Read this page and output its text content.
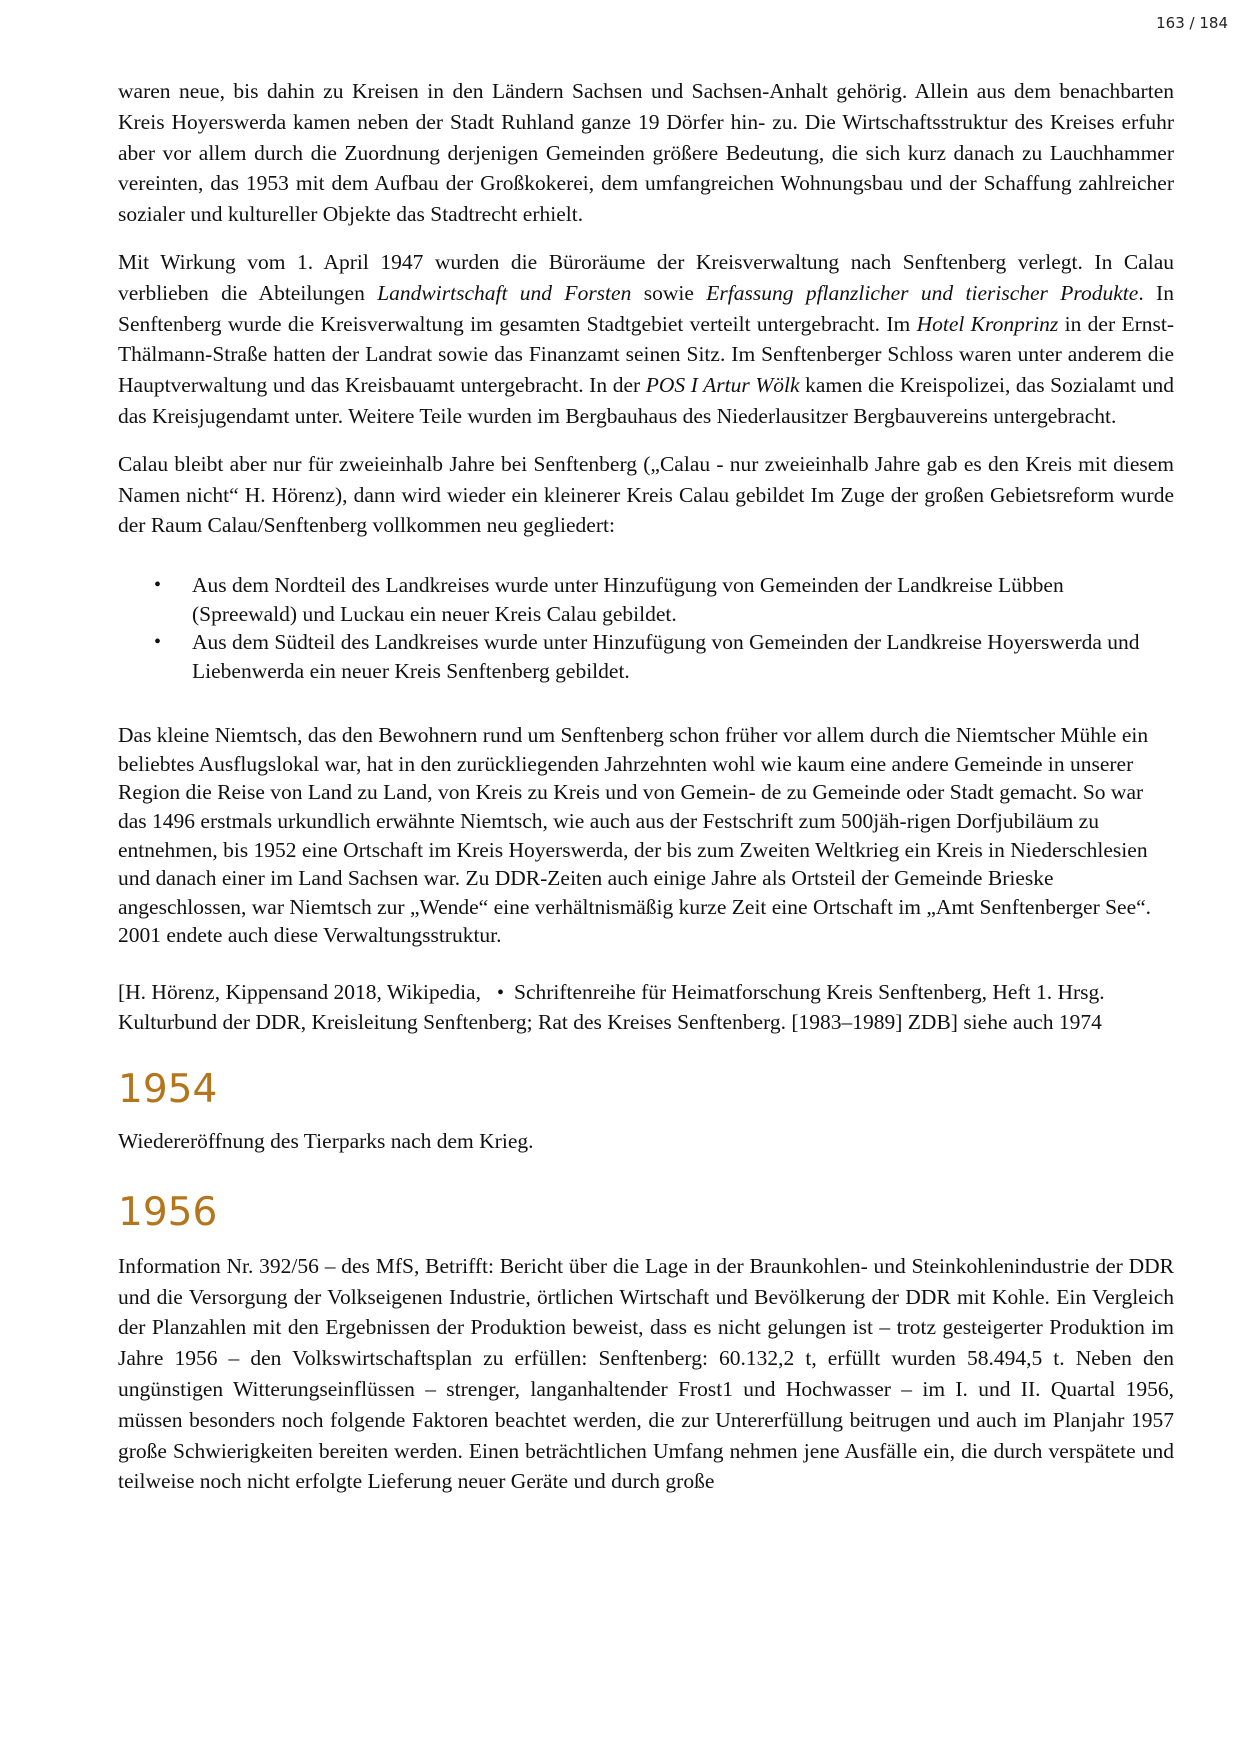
163 / 184

waren neue, bis dahin zu Kreisen in den Ländern Sachsen und Sachsen-Anhalt gehörig. Allein aus dem benachbarten Kreis Hoyerswerda kamen neben der Stadt Ruhland ganze 19 Dörfer hin- zu. Die Wirtschaftsstruktur des Kreises erfuhr aber vor allem durch die Zuordnung derjenigen Gemeinden größere Bedeutung, die sich kurz danach zu Lauchhammer vereinten, das 1953 mit dem Aufbau der Großkokerei, dem umfangreichen Wohnungsbau und der Schaffung zahlreicher sozialer und kultureller Objekte das Stadtrecht erhielt.

Mit Wirkung vom 1. April 1947 wurden die Büroräume der Kreisverwaltung nach Senftenberg verlegt. In Calau verblieben die Abteilungen Landwirtschaft und Forsten sowie Erfassung pflanzlicher und tierischer Produkte. In Senftenberg wurde die Kreisverwaltung im gesamten Stadtgebiet verteilt untergebracht. Im Hotel Kronprinz in der Ernst-Thälmann-Straße hatten der Landrat sowie das Finanzamt seinen Sitz. Im Senftenberger Schloss waren unter anderem die Hauptverwaltung und das Kreisbauamt untergebracht. In der POS I Artur Wölk kamen die Kreispolizei, das Sozialamt und das Kreisjugendamt unter. Weitere Teile wurden im Bergbauhaus des Niederlausitzer Bergbauvereins untergebracht.

Calau bleibt aber nur für zweieinhalb Jahre bei Senftenberg („Calau - nur zweieinhalb Jahre gab es den Kreis mit diesem Namen nicht“ H. Hörenz), dann wird wieder ein kleinerer Kreis Calau gebildet Im Zuge der großen Gebietsreform wurde der Raum Calau/Senftenberg vollkommen neu gegliedert:

• Aus dem Nordteil des Landkreises wurde unter Hinzufügung von Gemeinden der Landkreise Lübben (Spreewald) und Luckau ein neuer Kreis Calau gebildet.
• Aus dem Südteil des Landkreises wurde unter Hinzufügung von Gemeinden der Landkreise Hoyerswerda und Liebenwerda ein neuer Kreis Senftenberg gebildet.

Das kleine Niemtsch, das den Bewohnern rund um Senftenberg schon früher vor allem durch die Niemtscher Mühle ein beliebtes Ausflugslokal war, hat in den zurückliegenden Jahrzehnten wohl wie kaum eine andere Gemeinde in unserer Region die Reise von Land zu Land, von Kreis zu Kreis und von Gemein- de zu Gemeinde oder Stadt gemacht. So war das 1496 erstmals urkundlich erwähnte Niemtsch, wie auch aus der Festschrift zum 500jäh-rigen Dorfjubiläum zu entnehmen, bis 1952 eine Ortschaft im Kreis Hoyerswerda, der bis zum Zweiten Weltkrieg ein Kreis in Niederschlesien und danach einer im Land Sachsen war. Zu DDR-Zeiten auch einige Jahre als Ortsteil der Gemeinde Brieske angeschlossen, war Niemtsch zur „Wende“ eine verhältnismäßig kurze Zeit eine Ortschaft im „Amt Senftenberger See“. 2001 endete auch diese Verwaltungsstruktur.

[H. Hörenz, Kippensand 2018, Wikipedia, • Schriftenreihe für Heimatforschung Kreis Senftenberg, Heft 1. Hrsg. Kulturbund der DDR, Kreisleitung Senftenberg; Rat des Kreises Senftenberg. [1983–1989] ZDB] siehe auch 1974

1954

Wiedereröffnung des Tierparks nach dem Krieg.

1956

Information Nr. 392/56 – des MfS, Betrifft: Bericht über die Lage in der Braunkohlen- und Steinkohlenindustrie der DDR und die Versorgung der Volkseigenen Industrie, örtlichen Wirtschaft und Bevölkerung der DDR mit Kohle. Ein Vergleich der Planzahlen mit den Ergebnissen der Produktion beweist, dass es nicht gelungen ist – trotz gesteigerter Produktion im Jahre 1956 – den Volkswirtschaftsplan zu erfüllen: Senftenberg: 60.132,2 t, erfüllt wurden 58.494,5 t. Neben den ungünstigen Witterungseinflüssen – strenger, langanhaltender Frost1 und Hochwasser – im I. und II. Quartal 1956, müssen besonders noch folgende Faktoren beachtet werden, die zur Untererfüllung beitrugen und auch im Planjahr 1957 große Schwierigkeiten bereiten werden. Einen beträchtlichen Umfang nehmen jene Ausfälle ein, die durch verspätete und teilweise noch nicht erfolgte Lieferung neuer Geräte und durch große
